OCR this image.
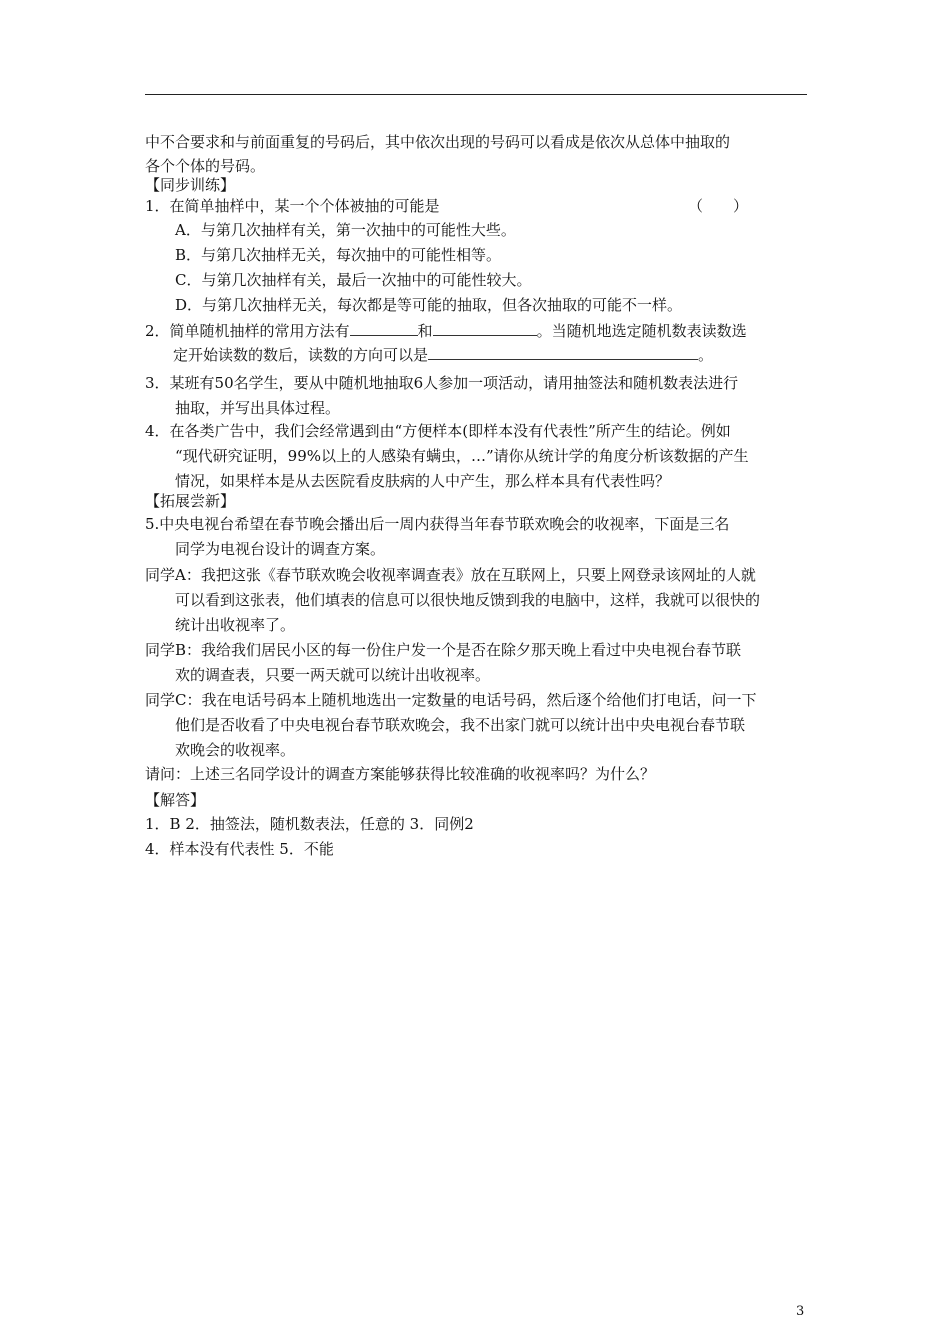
中不合要求和与前面重复的号码后，其中依次出现的号码可以看成是依次从总体中抽取的
各个个体的号码。
【同步训练】
1．在简单抽样中，某一个个体被抽的可能是	（　　）
A．与第几次抽样有关，第一次抽中的可能性大些。
B．与第几次抽样无关，每次抽中的可能性相等。
C．与第几次抽样有关，最后一次抽中的可能性较大。
D．与第几次抽样无关，每次都是等可能的抽取，但各次抽取的可能不一样。
2．简单随机抽样的常用方法有	和	。当随机地选定随机数表读数选
定开始读数的数后，读数的方向可以是	。
3．某班有50名学生，要从中随机地抽取6人参加一项活动，请用抽签法和随机数表法进行
抽取，并写出具体过程。
4．在各类广告中，我们会经常遇到由“方便样本(即样本没有代表性”所产生的结论。例如
“现代研究证明，99%以上的人感染有螨虫，…”请你从统计学的角度分析该数据的产生
情况，如果样本是从去医院看皮肤病的人中产生，那么样本具有代表性吗？
【拓展尝新】
5.中央电视台希望在春节晚会播出后一周内获得当年春节联欢晚会的收视率，下面是三名
同学为电视台设计的调查方案。
同学A：我把这张《春节联欢晚会收视率调查表》放在互联网上，只要上网登录该网址的人就
可以看到这张表，他们填表的信息可以很快地反馈到我的电脑中，这样，我就可以很快的
统计出收视率了。
同学B：我给我们居民小区的每一份住户发一个是否在除夕那天晚上看过中央电视台春节联
欢的调查表，只要一两天就可以统计出收视率。
同学C：我在电话号码本上随机地选出一定数量的电话号码，然后逐个给他们打电话，问一下
他们是否收看了中央电视台春节联欢晚会，我不出家门就可以统计出中央电视台春节联
欢晚会的收视率。
请问：上述三名同学设计的调查方案能够获得比较准确的收视率吗？为什么？
【解答】
1．B 2．抽签法，随机数表法，任意的 3．同例2
4．样本没有代表性 5．不能
3
